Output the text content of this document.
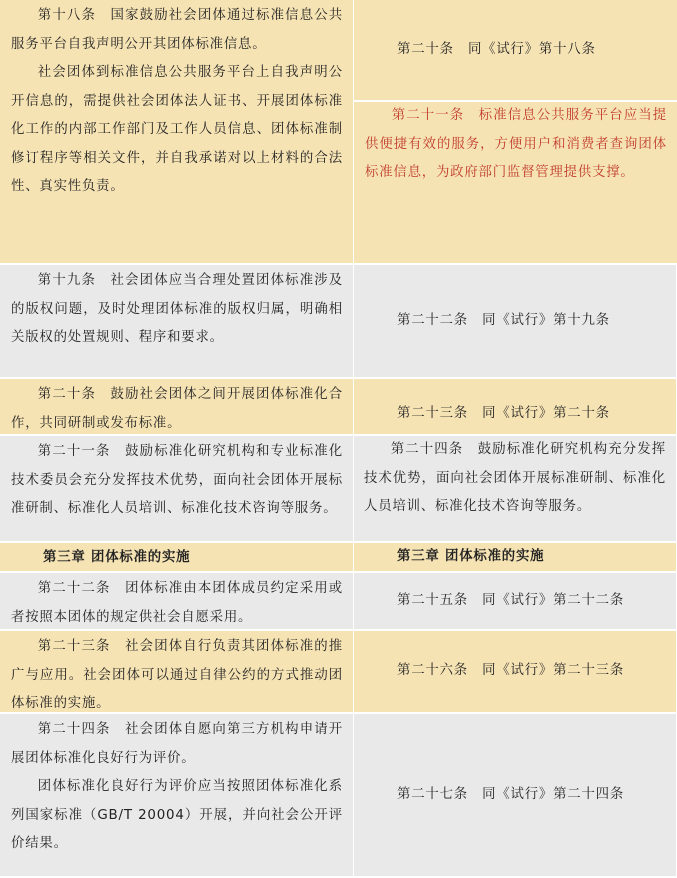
第十八条　国家鼓励社会团体通过标准信息公共服务平台自我声明公开其团体标准信息。

社会团体到标准信息公共服务平台上自我声明公开信息的，需提供社会团体法人证书、开展团体标准化工作的内部工作部门及工作人员信息、团体标准制修订程序等相关文件，并自我承诺对以上材料的合法性、真实性负责。

第二十条　同《试行》第十八条

第二十一条　标准信息公共服务平台应当提供便捷有效的服务，方便用户和消费者查询团体标准信息，为政府部门监督管理提供支撑。

第十九条　社会团体应当合理处置团体标准涉及的版权问题，及时处理团体标准的版权归属，明确相关版权的处置规则、程序和要求。

第二十二条　同《试行》第十九条

第二十条　鼓励社会团体之间开展团体标准化合作，共同研制或发布标准。

第二十三条　同《试行》第二十条

第二十一条　鼓励标准化研究机构和专业标准化技术委员会充分发挥技术优势，面向社会团体开展标准研制、标准化人员培训、标准化技术咨询等服务。

第二十四条　鼓励标准化研究机构充分发挥技术优势，面向社会团体开展标准研制、标准化人员培训、标准化技术咨询等服务。

第三章 团体标准的实施	第三章 团体标准的实施

第二十二条　团体标准由本团体成员约定采用或者按照本团体的规定供社会自愿采用。

第二十五条　同《试行》第二十二条

第二十三条　社会团体自行负责其团体标准的推广与应用。社会团体可以通过自律公约的方式推动团体标准的实施。

第二十六条　同《试行》第二十三条

第二十四条　社会团体自愿向第三方机构申请开展团体标准化良好行为评价。

团体标准化良好行为评价应当按照团体标准化系列国家标准（GB/T 20004）开展，并向社会公开评价结果。

第二十七条　同《试行》第二十四条
